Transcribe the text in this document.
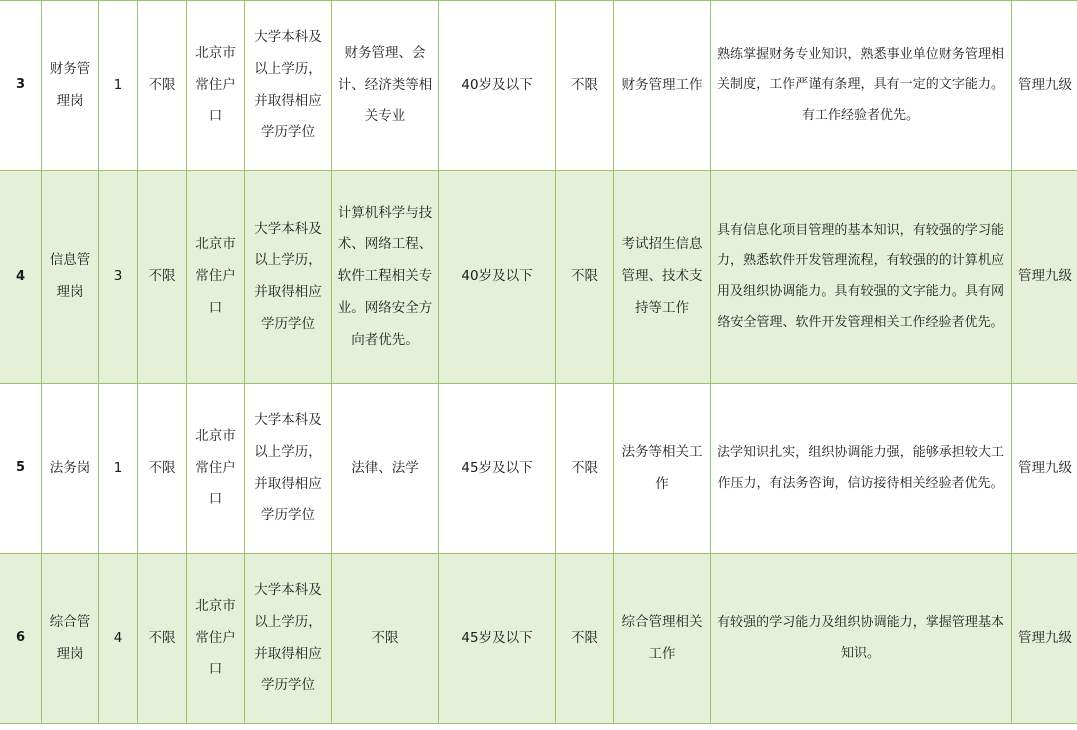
3	财务管理岗	1	不限	北京市常住户口	大学本科及以上学历，并取得相应学历学位	财务管理、会计、经济类等相关专业	40岁及以下	不限	财务管理工作	熟练掌握财务专业知识，熟悉事业单位财务管理相关制度，工作严谨有条理，具有一定的文字能力。有工作经验者优先。	管理九级
4	信息管理岗	3	不限	北京市常住户口	大学本科及以上学历，并取得相应学历学位	计算机科学与技术、网络工程、软件工程相关专业。网络安全方向者优先。	40岁及以下	不限	考试招生信息管理、技术支持等工作	具有信息化项目管理的基本知识，有较强的学习能力，熟悉软件开发管理流程，有较强的的计算机应用及组织协调能力。具有较强的文字能力。具有网络安全管理、软件开发管理相关工作经验者优先。	管理九级
5	法务岗	1	不限	北京市常住户口	大学本科及以上学历，并取得相应学历学位	法律、法学	45岁及以下	不限	法务等相关工作	法学知识扎实，组织协调能力强，能够承担较大工作压力，有法务咨询，信访接待相关经验者优先。	管理九级
6	综合管理岗	4	不限	北京市常住户口	大学本科及以上学历，并取得相应学历学位	不限	45岁及以下	不限	综合管理相关工作	有较强的学习能力及组织协调能力，掌握管理基本知识。	管理九级
